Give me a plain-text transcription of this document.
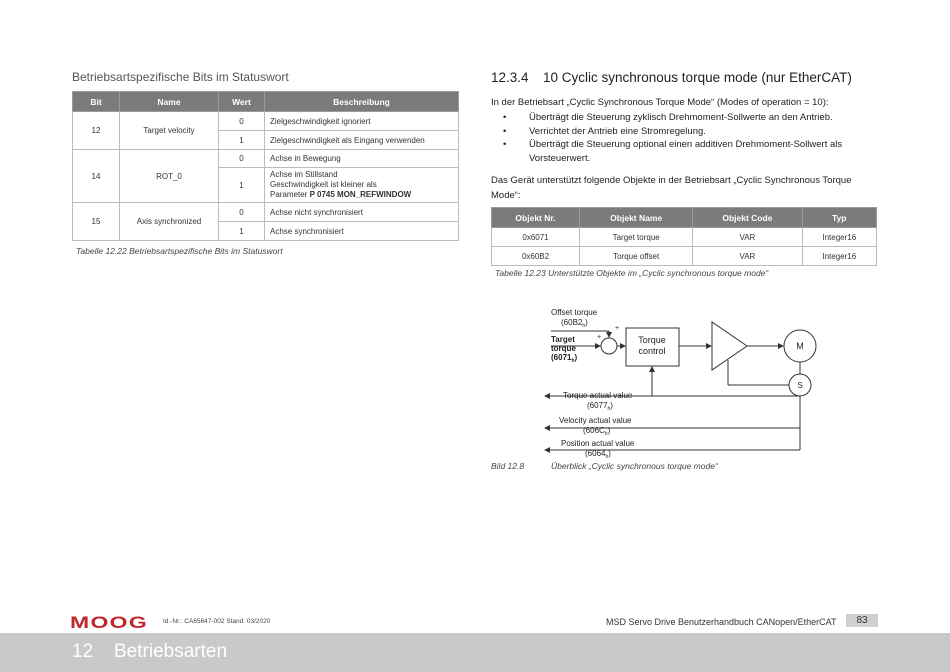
Betriebsartspezifische Bits im Statuswort
Bit	Name	Wert	Beschreibung
12	Target velocity	0	Zielgeschwindigkeit ignoriert
		1	Zielgeschwindigkeit als Eingang verwenden
14	ROT_0	0	Achse in Bewegung
		1	Achse im Stillstand
Geschwindigkeit ist kleiner als
Parameter P 0745 MON_REFWINDOW
15	Axis synchronized	0	Achse nicht synchronisiert
		1	Achse synchronisiert
Tabelle 12.22 Betriebsartspezifische Bits im Statuswort
12.3.4 10 Cyclic synchronous torque mode (nur EtherCAT)
In der Betriebsart „Cyclic Synchronous Torque Mode“ (Modes of operation = 10):
• Überträgt die Steuerung zyklisch Drehmoment-Sollwerte an den Antrieb.
• Verrichtet der Antrieb eine Stromregelung.
• Überträgt die Steuerung optional einen additiven Drehmoment-Sollwert als Vorsteuerwert.
Das Gerät unterstützt folgende Objekte in der Betriebsart „Cyclic Synchronous Torque Mode“:
Objekt Nr.	Objekt Name	Objekt Code	Typ
0x6071	Target torque	VAR	Integer16
0x60B2	Torque offset	VAR	Integer16
Tabelle 12.23 Unterstützte Objekte im „Cyclic synchronous torque mode“
Offset torque
$(60B2_h)$
Target
torque
$(6071_h)$
+
+
Torque
control	M
S
Torque actual value
$(6077_h)$
Velocity actual value
$(606C_h)$
Position actual value
$(6064_h)$
Bild 12.8	Überblick „Cyclic synchronous torque mode“
MOOG Id.-Nr.: CA65647-002 Stand: 03/2020	MSD Servo Drive Benutzerhandbuch CANopen/EtherCAT	83
12 Betriebsarten
